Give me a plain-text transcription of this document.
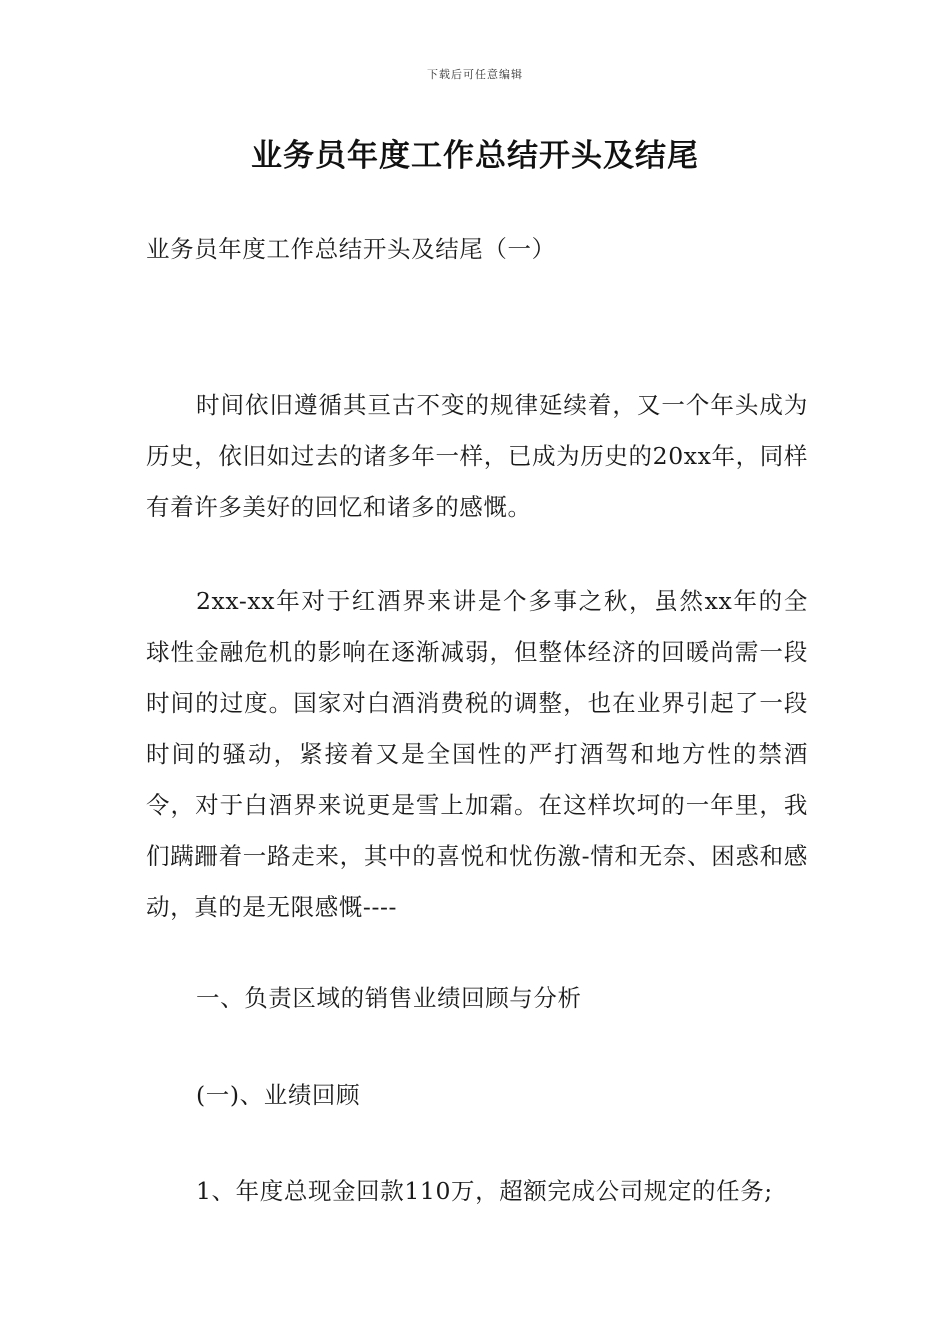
下载后可任意编辑
业务员年度工作总结开头及结尾
业务员年度工作总结开头及结尾（一）
时间依旧遵循其亘古不变的规律延续着，又一个年头成为历史，依旧如过去的诸多年一样，已成为历史的20xx年，同样有着许多美好的回忆和诸多的感慨。
2xx-xx年对于红酒界来讲是个多事之秋，虽然xx年的全球性金融危机的影响在逐渐减弱，但整体经济的回暖尚需一段时间的过度。国家对白酒消费税的调整，也在业界引起了一段时间的骚动，紧接着又是全国性的严打酒驾和地方性的禁酒令，对于白酒界来说更是雪上加霜。在这样坎坷的一年里，我们蹒跚着一路走来，其中的喜悦和忧伤激-情和无奈、困惑和感动，真的是无限感慨----
一、负责区域的销售业绩回顾与分析
(一)、业绩回顾
1、年度总现金回款110万，超额完成公司规定的任务;
